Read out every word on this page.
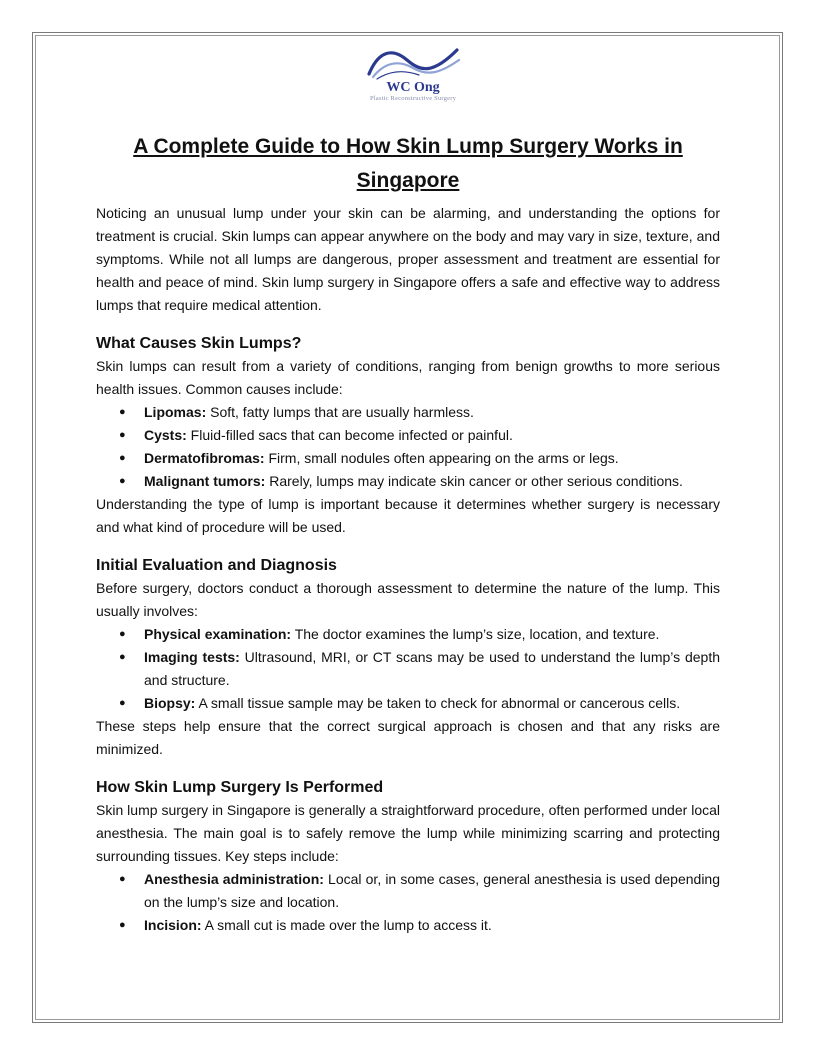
WC Ong
Plastic Reconstructive Surgery
A Complete Guide to How Skin Lump Surgery Works in Singapore

Noticing an unusual lump under your skin can be alarming, and understanding the options for treatment is crucial. Skin lumps can appear anywhere on the body and may vary in size, texture, and symptoms. While not all lumps are dangerous, proper assessment and treatment are essential for health and peace of mind. Skin lump surgery in Singapore offers a safe and effective way to address lumps that require medical attention.

What Causes Skin Lumps?

Skin lumps can result from a variety of conditions, ranging from benign growths to more serious health issues. Common causes include:

● Lipomas: Soft, fatty lumps that are usually harmless.
● Cysts: Fluid-filled sacs that can become infected or painful.
● Dermatofibromas: Firm, small nodules often appearing on the arms or legs.
● Malignant tumors: Rarely, lumps may indicate skin cancer or other serious conditions.

Understanding the type of lump is important because it determines whether surgery is necessary and what kind of procedure will be used.

Initial Evaluation and Diagnosis

Before surgery, doctors conduct a thorough assessment to determine the nature of the lump. This usually involves:

● Physical examination: The doctor examines the lump’s size, location, and texture.
● Imaging tests: Ultrasound, MRI, or CT scans may be used to understand the lump’s depth and structure.
● Biopsy: A small tissue sample may be taken to check for abnormal or cancerous cells.

These steps help ensure that the correct surgical approach is chosen and that any risks are minimized.

How Skin Lump Surgery Is Performed

Skin lump surgery in Singapore is generally a straightforward procedure, often performed under local anesthesia. The main goal is to safely remove the lump while minimizing scarring and protecting surrounding tissues. Key steps include:

● Anesthesia administration: Local or, in some cases, general anesthesia is used depending on the lump’s size and location.
● Incision: A small cut is made over the lump to access it.
